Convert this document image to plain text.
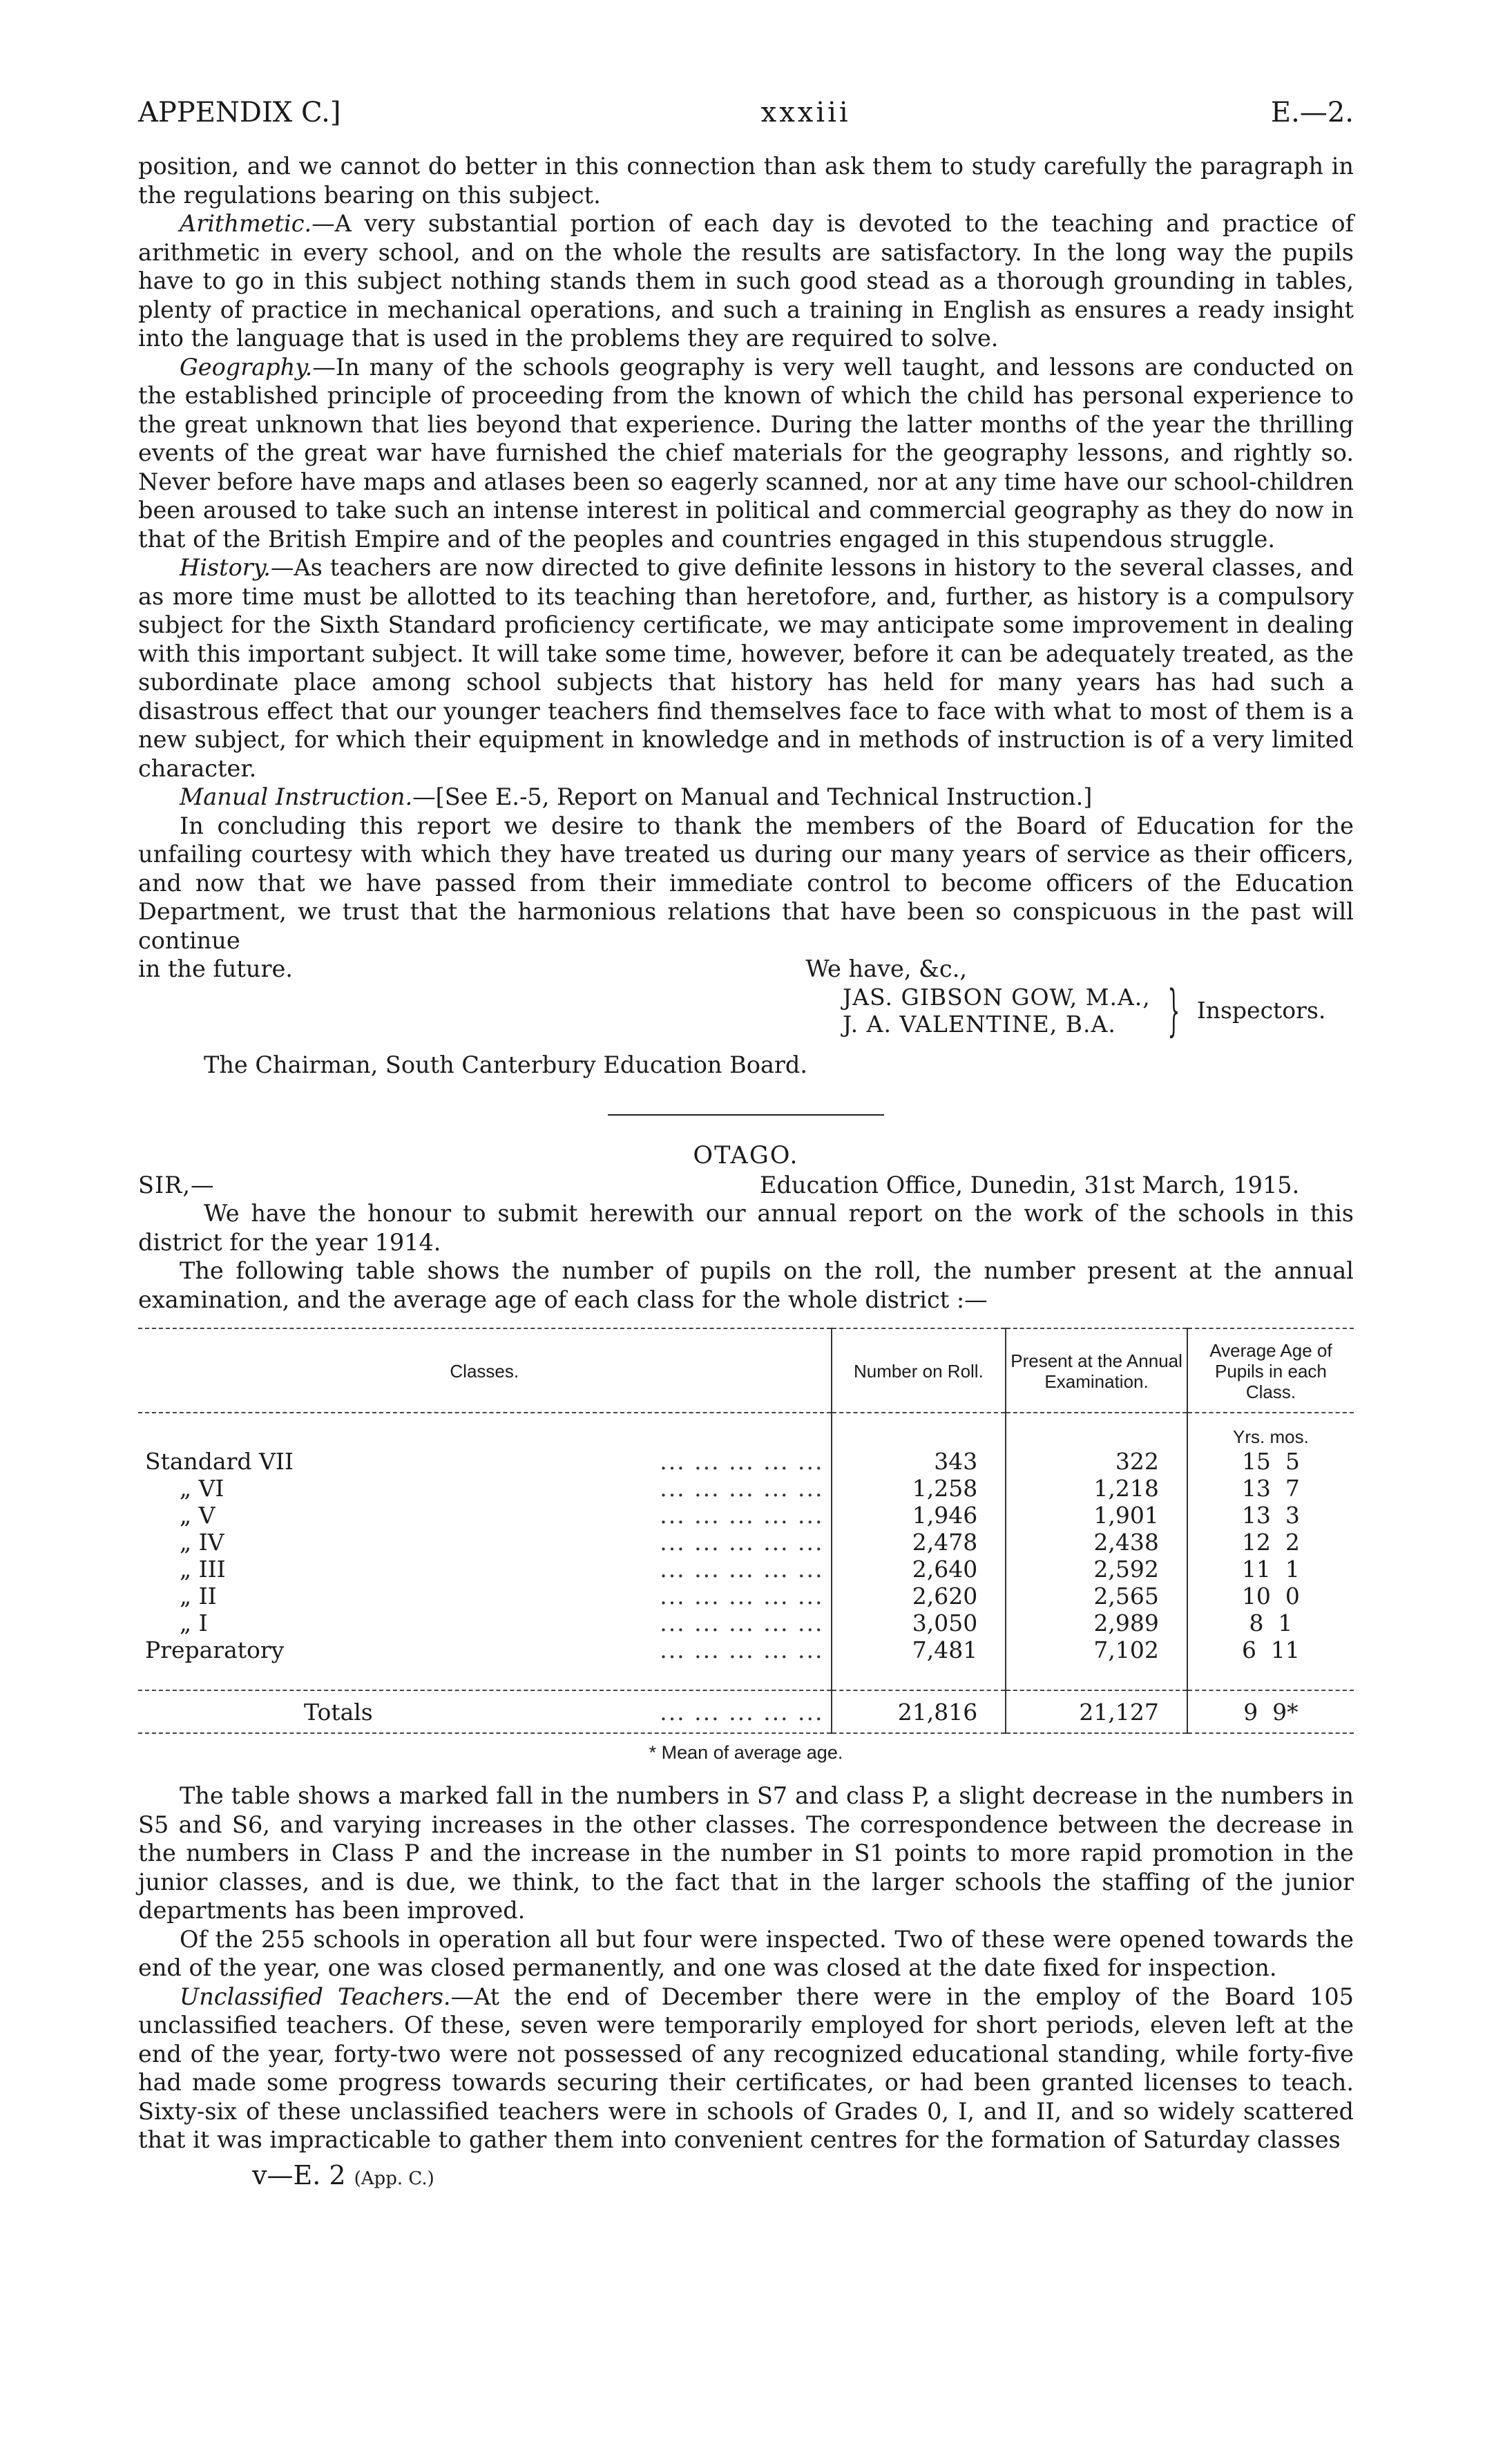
APPENDIX C.]	xxxiii	E.—2.

position, and we cannot do better in this connection than ask them to study carefully the paragraph in the regulations bearing on this subject.

Arithmetic.—A very substantial portion of each day is devoted to the teaching and practice of arithmetic in every school, and on the whole the results are satisfactory. In the long way the pupils have to go in this subject nothing stands them in such good stead as a thorough grounding in tables, plenty of practice in mechanical operations, and such a training in English as ensures a ready insight into the language that is used in the problems they are required to solve.

Geography.—In many of the schools geography is very well taught, and lessons are conducted on the established principle of proceeding from the known of which the child has personal experience to the great unknown that lies beyond that experience. During the latter months of the year the thrilling events of the great war have furnished the chief materials for the geography lessons, and rightly so. Never before have maps and atlases been so eagerly scanned, nor at any time have our school-children been aroused to take such an intense interest in political and commercial geography as they do now in that of the British Empire and of the peoples and countries engaged in this stupendous struggle.

History.—As teachers are now directed to give definite lessons in history to the several classes, and as more time must be allotted to its teaching than heretofore, and, further, as history is a compulsory subject for the Sixth Standard proficiency certificate, we may anticipate some improvement in dealing with this important subject. It will take some time, however, before it can be adequately treated, as the subordinate place among school subjects that history has held for many years has had such a disastrous effect that our younger teachers find themselves face to face with what to most of them is a new subject, for which their equipment in knowledge and in methods of instruction is of a very limited character.

Manual Instruction.—[See E.-5, Report on Manual and Technical Instruction.]

In concluding this report we desire to thank the members of the Board of Education for the unfailing courtesy with which they have treated us during our many years of service as their officers, and now that we have passed from their immediate control to become officers of the Education Department, we trust that the harmonious relations that have been so conspicuous in the past will continue

in the future.	We have, &c.,
JAS. GIBSON GOW, M.A.,
J. A. VALENTINE, B.A. } Inspectors.
The Chairman, South Canterbury Education Board.
OTAGO.
SIR,—	Education Office, Dunedin, 31st March, 1915.

We have the honour to submit herewith our annual report on the work of the schools in this district for the year 1914.

The following table shows the number of pupils on the roll, the number present at the annual examination, and the average age of each class for the whole district :—

Classes.	Number on Roll.	Present at the Annual Examination.	Average Age of Pupils in each Class.
			Yrs. mos.
Standard VII ... ... ... ... ...	343	322	15 5
„ VI ... ... ... ... ...	1,258	1,218	13 7
„ V ... ... ... ... ...	1,946	1,901	13 3
„ IV ... ... ... ... ...	2,478	2,438	12 2
„ III ... ... ... ... ...	2,640	2,592	11 1
„ II ... ... ... ... ...	2,620	2,565	10 0
„ I ... ... ... ... ...	3,050	2,989	8 1
Preparatory ... ... ... ... ...	7,481	7,102	6 11

Totals ... ... ... ... ...	21,816	21,127	9 9*
* Mean of average age.

The table shows a marked fall in the numbers in S7 and class P, a slight decrease in the numbers in S5 and S6, and varying increases in the other classes. The correspondence between the decrease in the numbers in Class P and the increase in the number in S1 points to more rapid promotion in the junior classes, and is due, we think, to the fact that in the larger schools the staffing of the junior departments has been improved.

Of the 255 schools in operation all but four were inspected. Two of these were opened towards the end of the year, one was closed permanently, and one was closed at the date fixed for inspection.

Unclassified Teachers.—At the end of December there were in the employ of the Board 105 unclassified teachers. Of these, seven were temporarily employed for short periods, eleven left at the end of the year, forty-two were not possessed of any recognized educational standing, while forty-five had made some progress towards securing their certificates, or had been granted licenses to teach. Sixty-six of these unclassified teachers were in schools of Grades 0, I, and II, and so widely scattered that it was impracticable to gather them into convenient centres for the formation of Saturday classes

v—E. 2 (App. C.)
